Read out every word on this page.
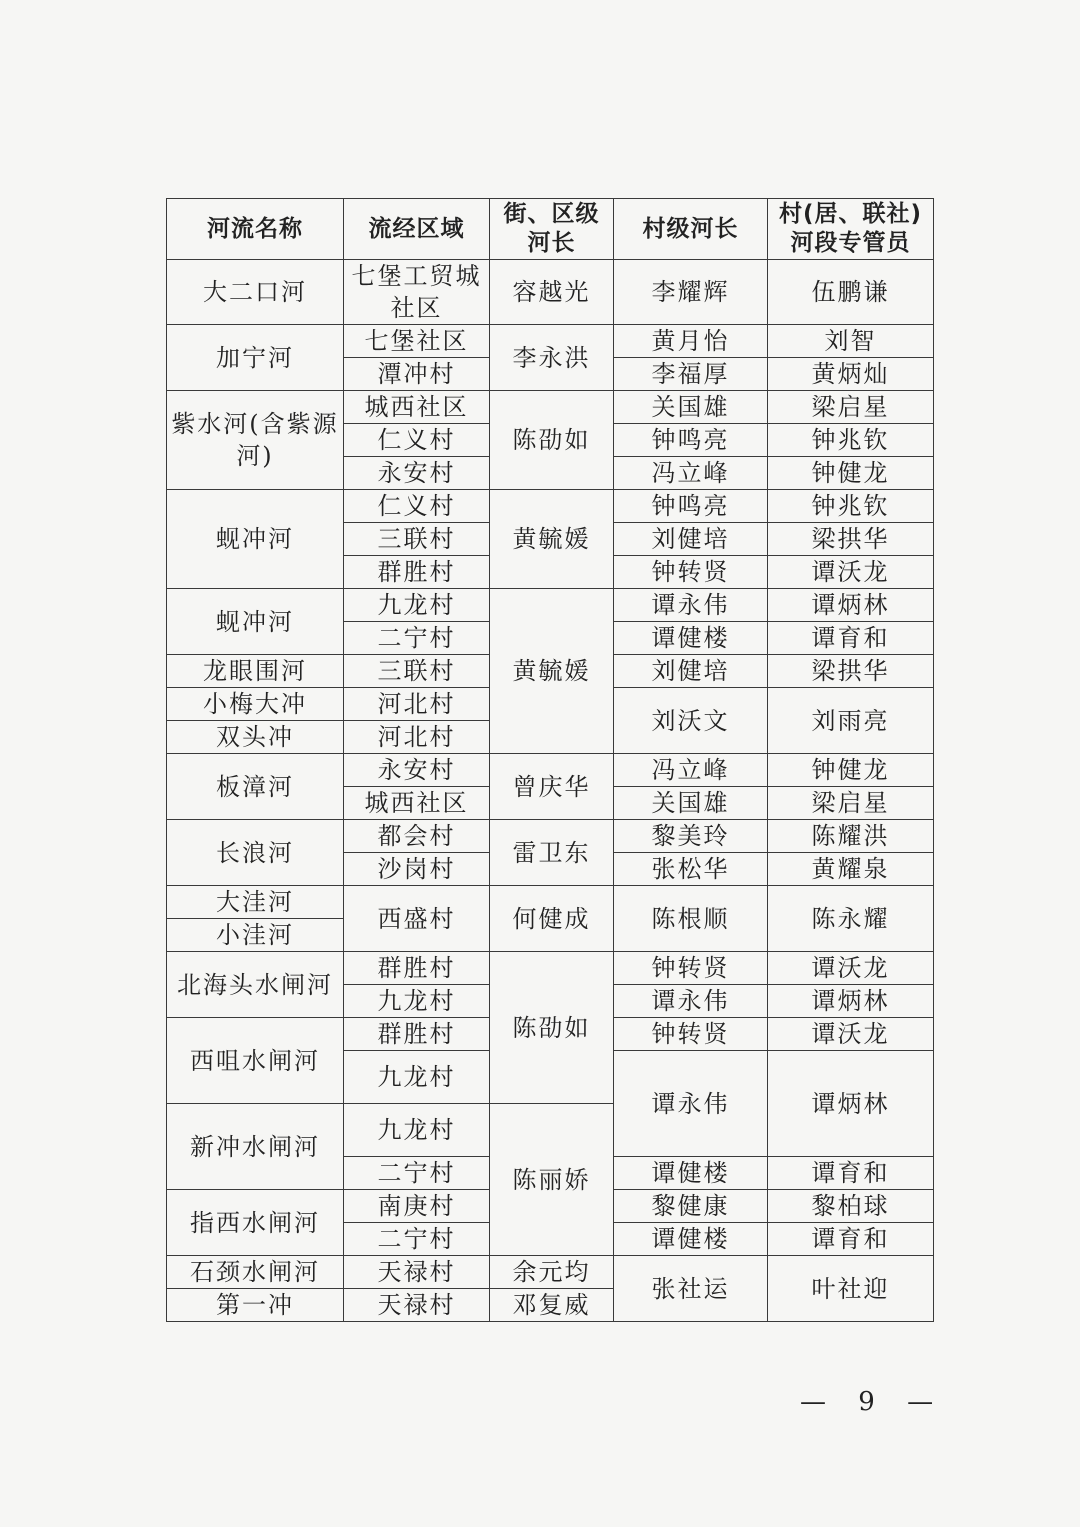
河流名称	流经区域	街、区级河长	村级河长	村(居、联社)河段专管员
大二口河	七堡工贸城社区	容越光	李耀辉	伍鹏谦
加宁河	七堡社区	李永洪	黄月怡	刘智
	潭冲村		李福厚	黄炳灿
紫水河(含紫源河)	城西社区	陈劭如	关国雄	梁启星
	仁义村		钟鸣亮	钟兆钦
	永安村		冯立峰	钟健龙
蚬冲河	仁义村	黄毓媛	钟鸣亮	钟兆钦
	三联村		刘健培	梁拱华
	群胜村		钟转贤	谭沃龙
蚬冲河	九龙村	黄毓媛	谭永伟	谭炳林
	二宁村		谭健楼	谭育和
龙眼围河	三联村		刘健培	梁拱华
小梅大冲	河北村		刘沃文	刘雨亮
双头冲	河北村			
板漳河	永安村	曾庆华	冯立峰	钟健龙
	城西社区		关国雄	梁启星
长浪河	都会村	雷卫东	黎美玲	陈耀洪
	沙岗村		张松华	黄耀泉
大洼河	西盛村	何健成	陈根顺	陈永耀
小洼河				
北海头水闸河	群胜村	陈劭如	钟转贤	谭沃龙
	九龙村		谭永伟	谭炳林
西咀水闸河	群胜村		钟转贤	谭沃龙
	九龙村		谭永伟	谭炳林
新冲水闸河	九龙村	陈丽娇		
	二宁村		谭健楼	谭育和
指西水闸河	南庚村		黎健康	黎柏球
	二宁村		谭健楼	谭育和
石颈水闸河	天禄村	余元均	张社运	叶社迎
第一冲	天禄村	邓复威		
— 9 —
